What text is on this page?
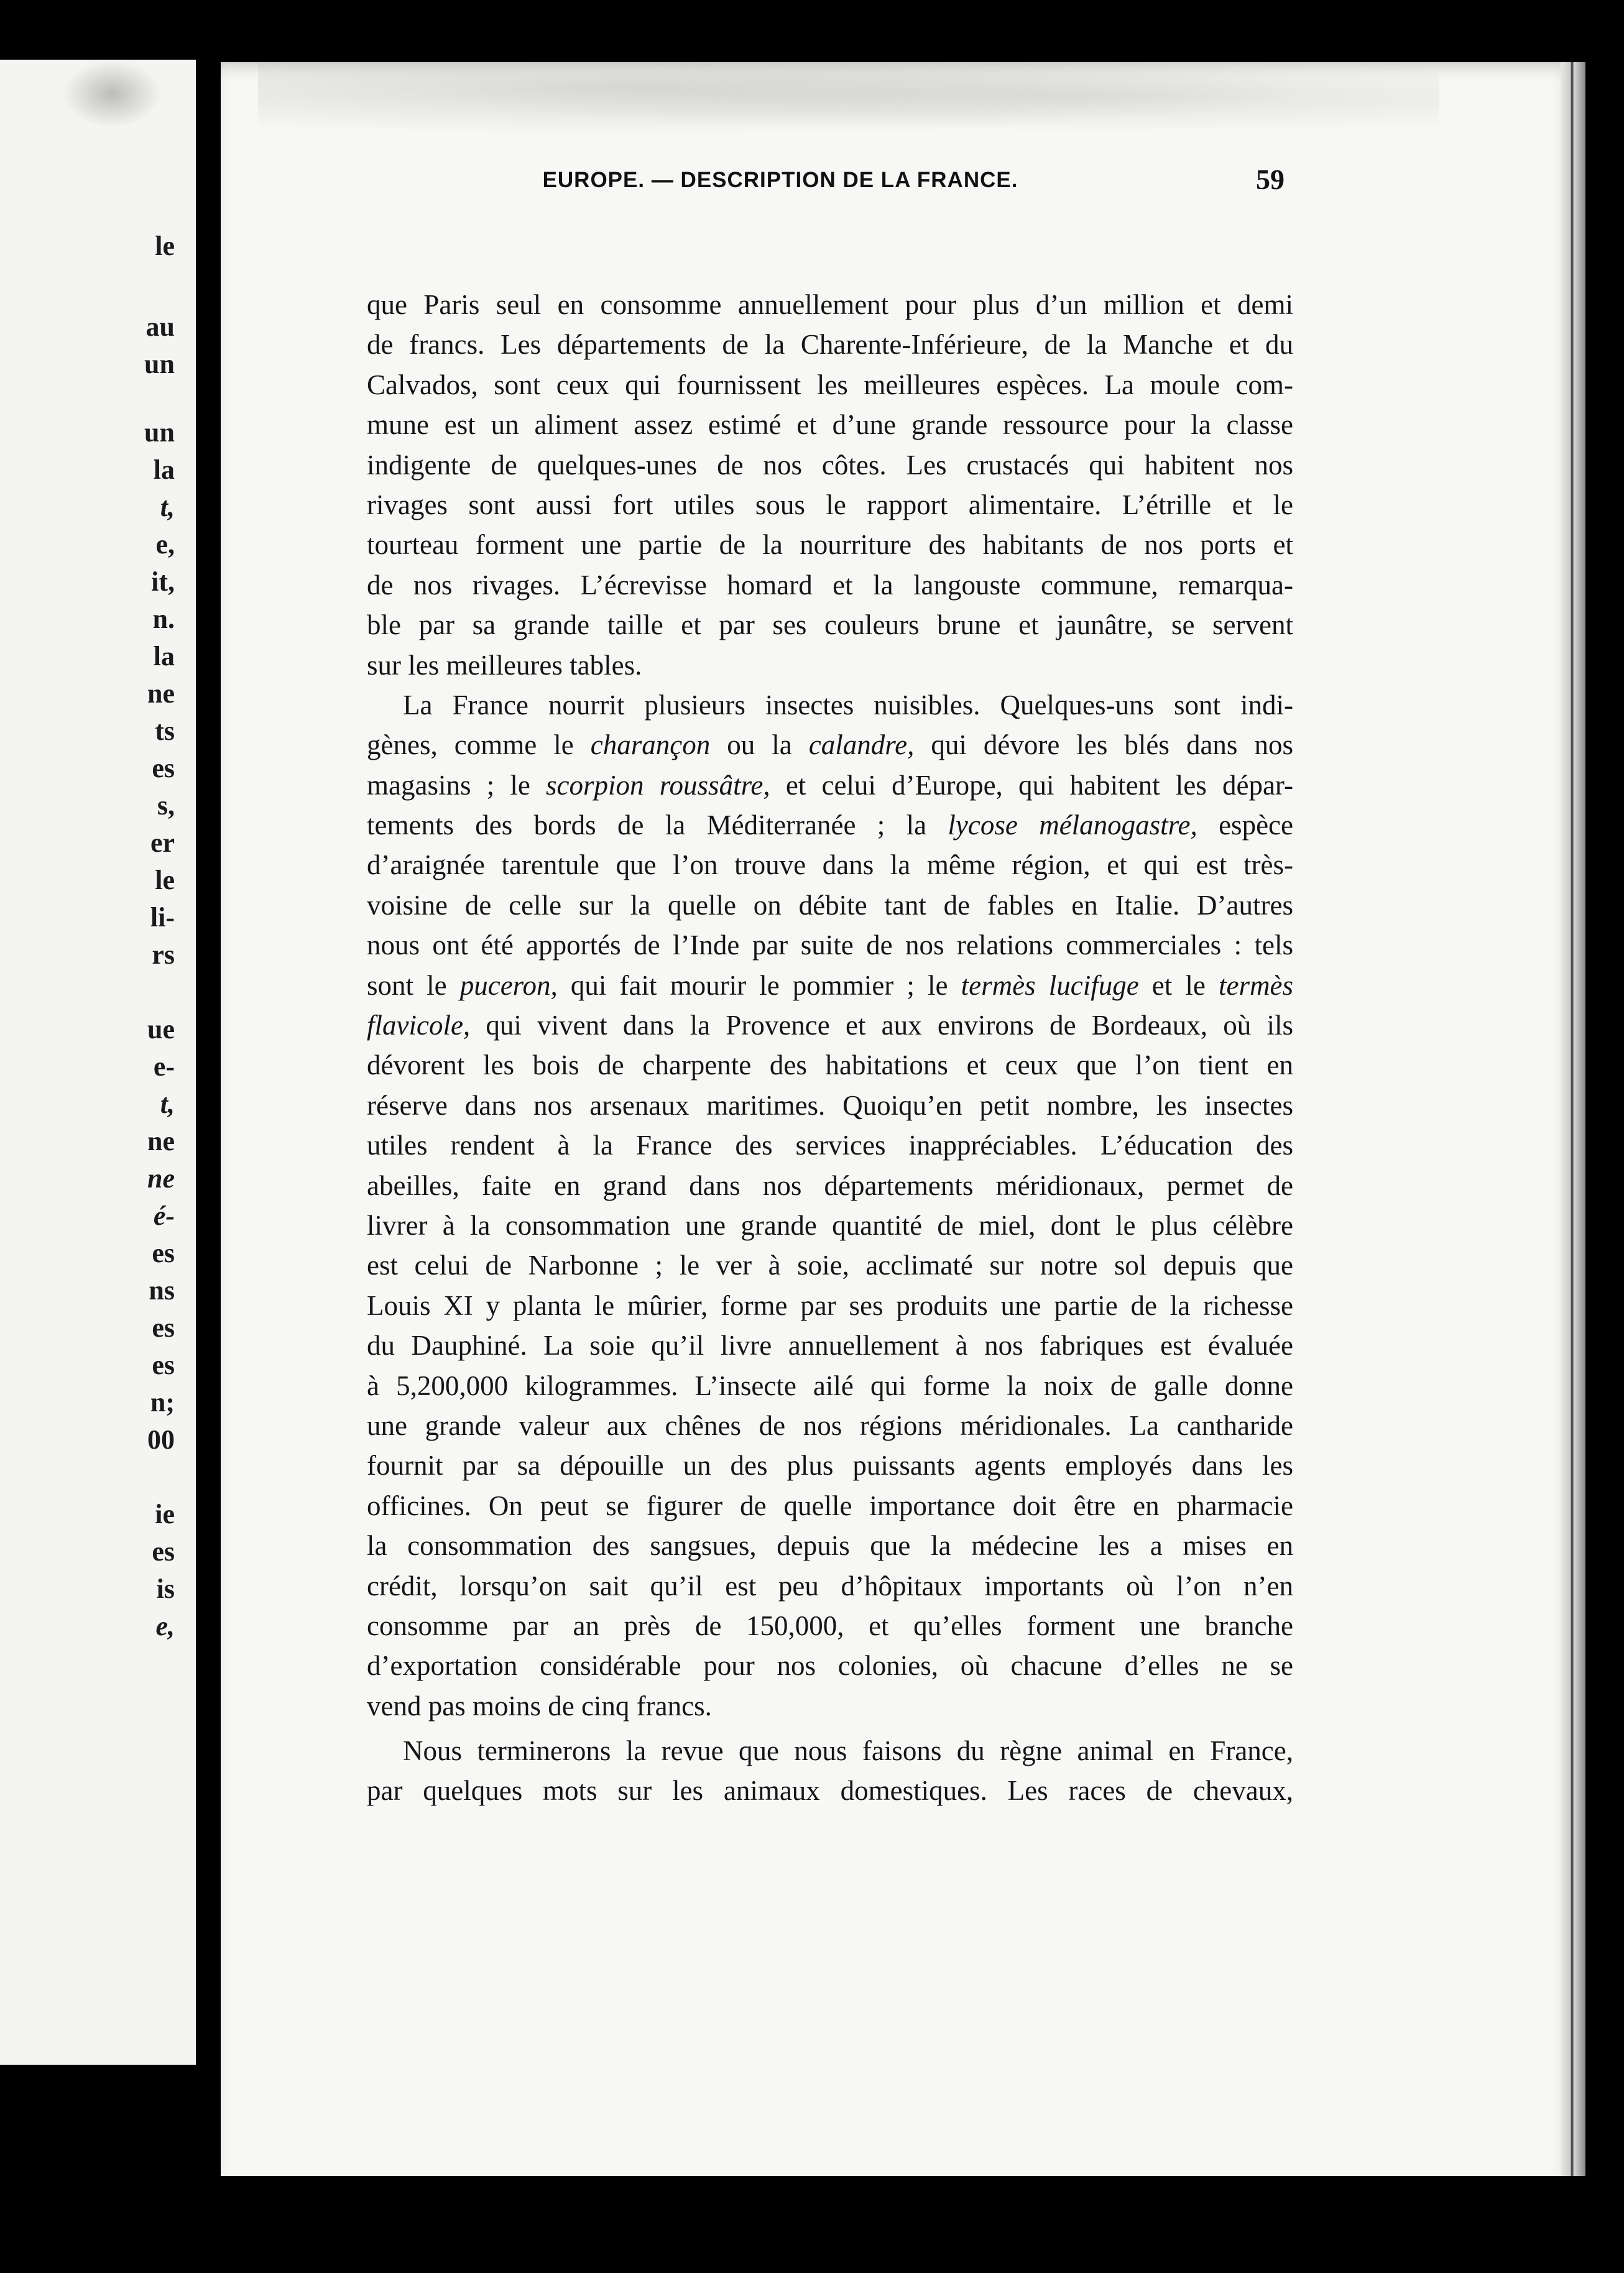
le
au
un
un
la
t,
e,
it,
n.
la
ne
ts
es
s,
er
le
li-
rs
ue
e-
t,
ne
ne
é-
es
ns
es
es
n;
00
ie
es
is
e,
EUROPE. — DESCRIPTION DE LA FRANCE.	59
que Paris seul en consomme annuellement pour plus d’un million et demi
de francs. Les départements de la Charente-Inférieure, de la Manche et du
Calvados, sont ceux qui fournissent les meilleures espèces. La moule com-
mune est un aliment assez estimé et d’une grande ressource pour la classe
indigente de quelques-unes de nos côtes. Les crustacés qui habitent nos
rivages sont aussi fort utiles sous le rapport alimentaire. L’étrille et le
tourteau forment une partie de la nourriture des habitants de nos ports et
de nos rivages. L’écrevisse homard et la langouste commune, remarqua-
ble par sa grande taille et par ses couleurs brune et jaunâtre, se servent
sur les meilleures tables.
La France nourrit plusieurs insectes nuisibles. Quelques-uns sont indi-
gènes, comme le charançon ou la calandre, qui dévore les blés dans nos
magasins ; le scorpion roussâtre, et celui d’Europe, qui habitent les dépar-
tements des bords de la Méditerranée ; la lycose mélanogastre, espèce
d’araignée tarentule que l’on trouve dans la même région, et qui est très-
voisine de celle sur la quelle on débite tant de fables en Italie. D’autres
nous ont été apportés de l’Inde par suite de nos relations commerciales : tels
sont le puceron, qui fait mourir le pommier ; le termès lucifuge et le termès
flavicole, qui vivent dans la Provence et aux environs de Bordeaux, où ils
dévorent les bois de charpente des habitations et ceux que l’on tient en
réserve dans nos arsenaux maritimes. Quoiqu’en petit nombre, les insectes
utiles rendent à la France des services inappréciables. L’éducation des
abeilles, faite en grand dans nos départements méridionaux, permet de
livrer à la consommation une grande quantité de miel, dont le plus célèbre
est celui de Narbonne ; le ver à soie, acclimaté sur notre sol depuis que
Louis XI y planta le mûrier, forme par ses produits une partie de la richesse
du Dauphiné. La soie qu’il livre annuellement à nos fabriques est évaluée
à 5,200,000 kilogrammes. L’insecte ailé qui forme la noix de galle donne
une grande valeur aux chênes de nos régions méridionales. La cantharide
fournit par sa dépouille un des plus puissants agents employés dans les
officines. On peut se figurer de quelle importance doit être en pharmacie
la consommation des sangsues, depuis que la médecine les a mises en
crédit, lorsqu’on sait qu’il est peu d’hôpitaux importants où l’on n’en
consomme par an près de 150,000, et qu’elles forment une branche
d’exportation considérable pour nos colonies, où chacune d’elles ne se
vend pas moins de cinq francs.
Nous terminerons la revue que nous faisons du règne animal en France,
par quelques mots sur les animaux domestiques. Les races de chevaux,
